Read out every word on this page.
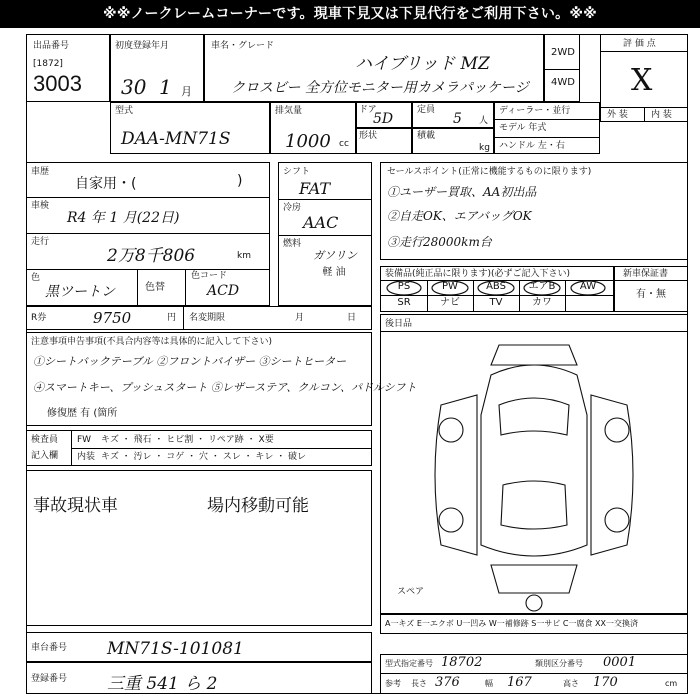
※※ノークレームコーナーです。現車下見又は下見代行をご利用下さい。※※
出品番号
[1872]
3003
初度登録年月
30 1 月
車名・グレード
ハイブリッド MZ
クロスビー 全方位モニター用カメラパッケージ
2WD
4WD
評 価 点
X
外 装	内 装
型式
DAA-MN71S
排気量
1000 cc
ドア
5D
定員
5 人
形状	積載
kg
ディーラー・並行
モデル 年式
ハンドル 左・右
車歴
自家用・(	)
車検
R4 年 1 月(22日)
走行
2万8千806	km
色
黒ツートン	色替
色コード
ACD
シフト
FAT
冷房
AAC
燃料
ガソリン
軽 油
R券	9750	円 名変期限	月	日
セールスポイント(正常に機能するものに限ります)
①ユーザー買取、AA初出品
②自走OK、エアバッグOK
③走行28000km台
装備品(純正品に限ります)(必ずご記入下さい)
PS	PW	ABS	エアB	AW
SR	ナビ	TV	カワ
新車保証書
有・無
後日品
スペア
注意事項申告事項(不具合内容等は具体的に記入して下さい)
①シートバックテーブル ②フロントバイザー ③シートヒーター
④スマートキー、プッシュスタート ⑤レザーステア、クルコン、パドルシフト
修復歴 有 (箇所
検査員
記入欄
FW キズ ・ 飛石 ・ ヒビ割 ・ リペア跡 ・ X要
内装 キズ ・ 汚レ ・ コゲ ・ 穴 ・ スレ ・ キレ ・ 破レ
事故現状車	場内移動可能
A一キズ E一エクボ U一凹み W一補修跡 S一サビ C一腐食 XX一交換済
車台番号 MN71S-101081
登録番号 三重 541 ら 2
型式指定番号 18702	類別区分番号 0001
参考 長さ 376	幅 167	高さ 170	cm
